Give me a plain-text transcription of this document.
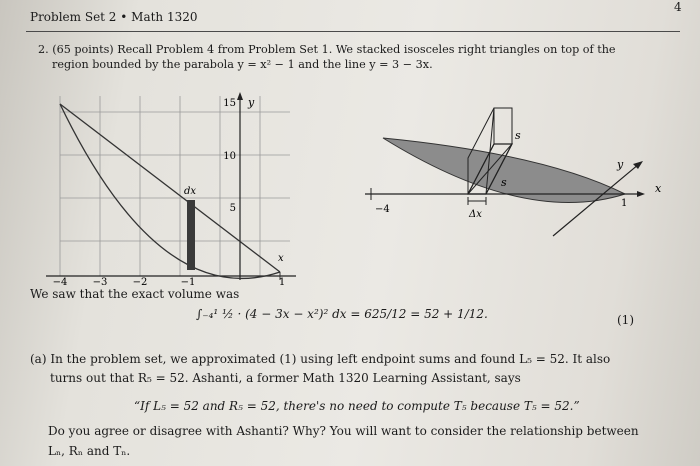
Problem Set 2 • Math 1320
4
2. (65 points) Recall Problem 4 from Problem Set 1. We stacked isosceles right triangles on top of the
region bounded by the parabola y = x² − 1 and the line y = 3 − 3x.
y
x
dx
15
10
5
−4	−3	−2	−1	1
s
s
Δx
y
x
−4
1
We saw that the exact volume was
∫₋₄¹ ½ · (4 − 3x − x²)² dx = 625/12 = 52 + 1/12.	(1)
(a) In the problem set, we approximated (1) using left endpoint sums and found L₅ = 52. It also
turns out that R₅ = 52. Ashanti, a former Math 1320 Learning Assistant, says
“If L₅ = 52 and R₅ = 52, there's no need to compute T₅ because T₅ = 52.”
Do you agree or disagree with Ashanti? Why? You will want to consider the relationship between
Lₙ, Rₙ and Tₙ.
